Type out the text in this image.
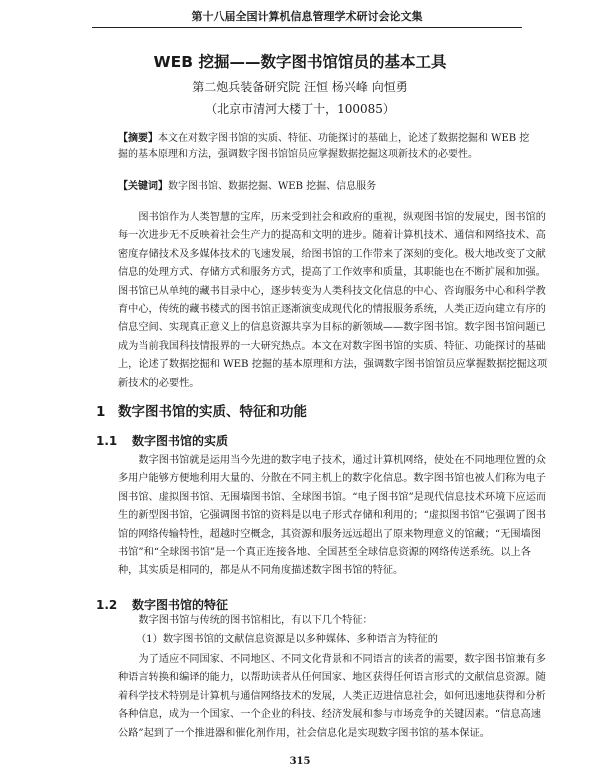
第十八届全国计算机信息管理学术研讨会论文集
WEB 挖掘——数字图书馆馆员的基本工具
第二炮兵装备研究院 汪恒 杨兴峰 向恒勇
（北京市清河大楼丁十，100085）
【摘要】本文在对数字图书馆的实质、特征、功能探讨的基础上，论述了数据挖掘和 WEB 挖掘的基本原理和方法，强调数字图书馆馆员应掌握数据挖掘这项新技术的必要性。
【关键词】数字图书馆、数据挖掘、WEB 挖掘、信息服务

图书馆作为人类智慧的宝库，历来受到社会和政府的重视，纵观图书馆的发展史，图书馆的每一次进步无不反映着社会生产力的提高和文明的进步。随着计算机技术、通信和网络技术、高密度存储技术及多媒体技术的飞速发展，给图书馆的工作带来了深刻的变化。极大地改变了文献信息的处理方式、存储方式和服务方式，提高了工作效率和质量，其职能也在不断扩展和加强。图书馆已从单纯的藏书目录中心，逐步转变为人类科技文化信息的中心、咨询服务中心和科学教育中心，传统的藏书楼式的图书馆正逐渐演变成现代化的情报服务系统，人类正迈向建立有序的信息空间、实现真正意义上的信息资源共享为目标的新领域——数字图书馆。数字图书馆问题已成为当前我国科技情报界的一大研究热点。本文在对数字图书馆的实质、特征、功能探讨的基础上，论述了数据挖掘和 WEB 挖掘的基本原理和方法，强调数字图书馆馆员应掌握数据挖掘这项新技术的必要性。

1 数字图书馆的实质、特征和功能
1.1 数字图书馆的实质

数字图书馆就是运用当今先进的数字电子技术，通过计算机网络，使处在不同地理位置的众多用户能够方便地利用大量的、分散在不同主机上的数字化信息。数字图书馆也被人们称为电子图书馆、虚拟图书馆、无围墙图书馆、全球图书馆。“电子图书馆”是现代信息技术环境下应运而生的新型图书馆，它强调图书馆的资料是以电子形式存储和利用的；“虚拟图书馆”它强调了图书馆的网络传输特性，超越时空概念，其资源和服务远远超出了原来物理意义的馆藏；“无围墙图书馆”和“全球图书馆”是一个真正连接各地、全国甚至全球信息资源的网络传送系统。以上各种，其实质是相同的，都是从不同角度描述数字图书馆的特征。

1.2 数字图书馆的特征

数字图书馆与传统的图书馆相比，有以下几个特征：

（1）数字图书馆的文献信息资源是以多种媒体、多种语言为特征的

为了适应不同国家、不同地区、不同文化背景和不同语言的读者的需要，数字图书馆兼有多种语言转换和编译的能力，以帮助读者从任何国家、地区获得任何语言形式的文献信息资源。随着科学技术特别是计算机与通信网络技术的发展，人类正迈进信息社会，如何迅速地获得和分析各种信息，成为一个国家、一个企业的科技、经济发展和参与市场竞争的关键因素。“信息高速公路”起到了一个推进器和催化剂作用，社会信息化是实现数字图书馆的基本保证。

315
